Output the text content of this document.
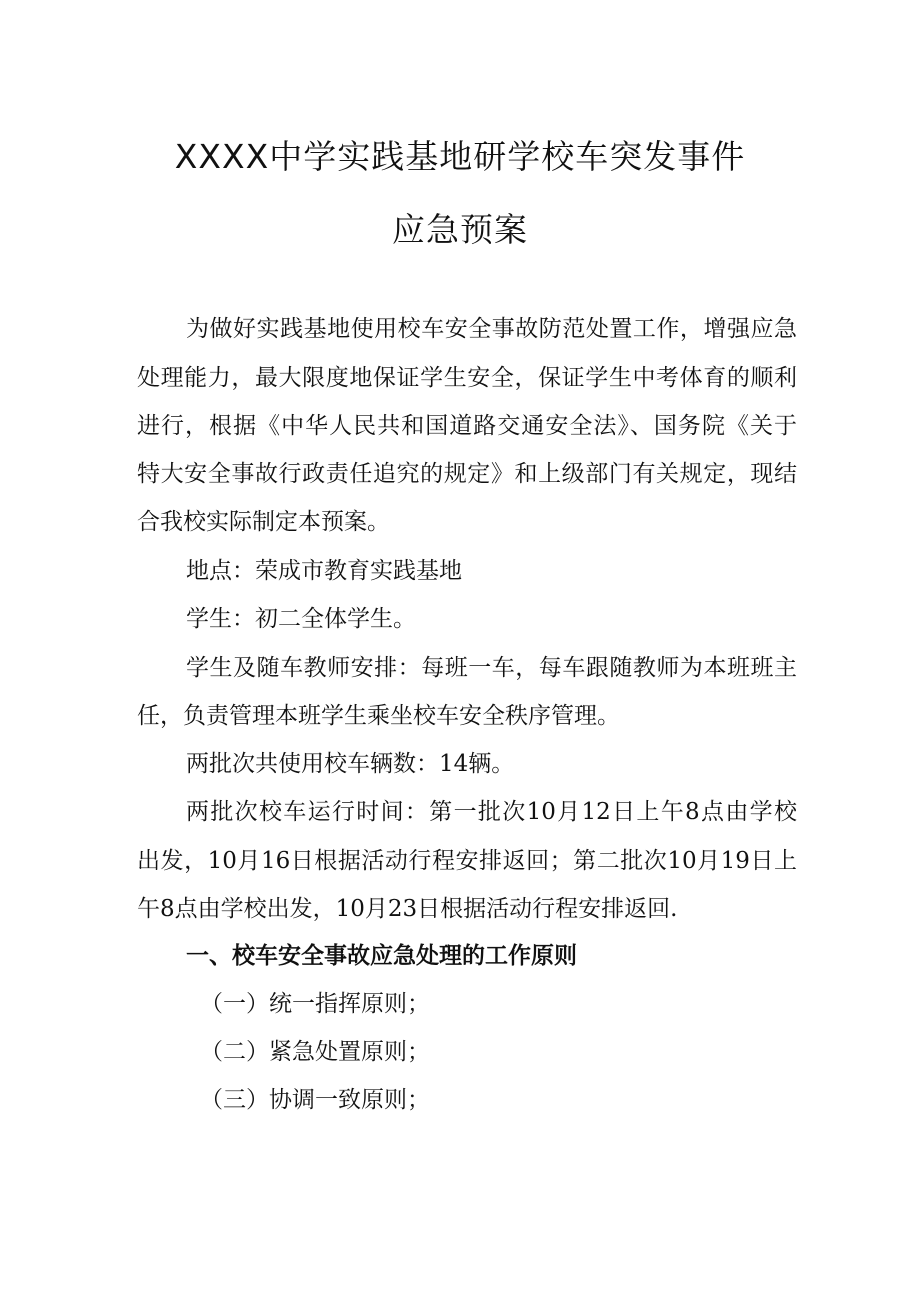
XXXX中学实践基地研学校车突发事件
应急预案
为做好实践基地使用校车安全事故防范处置工作，增强应急
处理能力，最大限度地保证学生安全，保证学生中考体育的顺利
进行，根据《中华人民共和国道路交通安全法》、国务院《关于
特大安全事故行政责任追究的规定》和上级部门有关规定，现结
合我校实际制定本预案。
地点：荣成市教育实践基地
学生：初二全体学生。
学生及随车教师安排：每班一车，每车跟随教师为本班班主
任，负责管理本班学生乘坐校车安全秩序管理。
两批次共使用校车辆数：14辆。
两批次校车运行时间：第一批次10月12日上午8点由学校
出发，10月16日根据活动行程安排返回；第二批次10月19日上
午8点由学校出发，10月23日根据活动行程安排返回.
一、校车安全事故应急处理的工作原则
（一）统一指挥原则；
（二）紧急处置原则；
（三）协调一致原则；
